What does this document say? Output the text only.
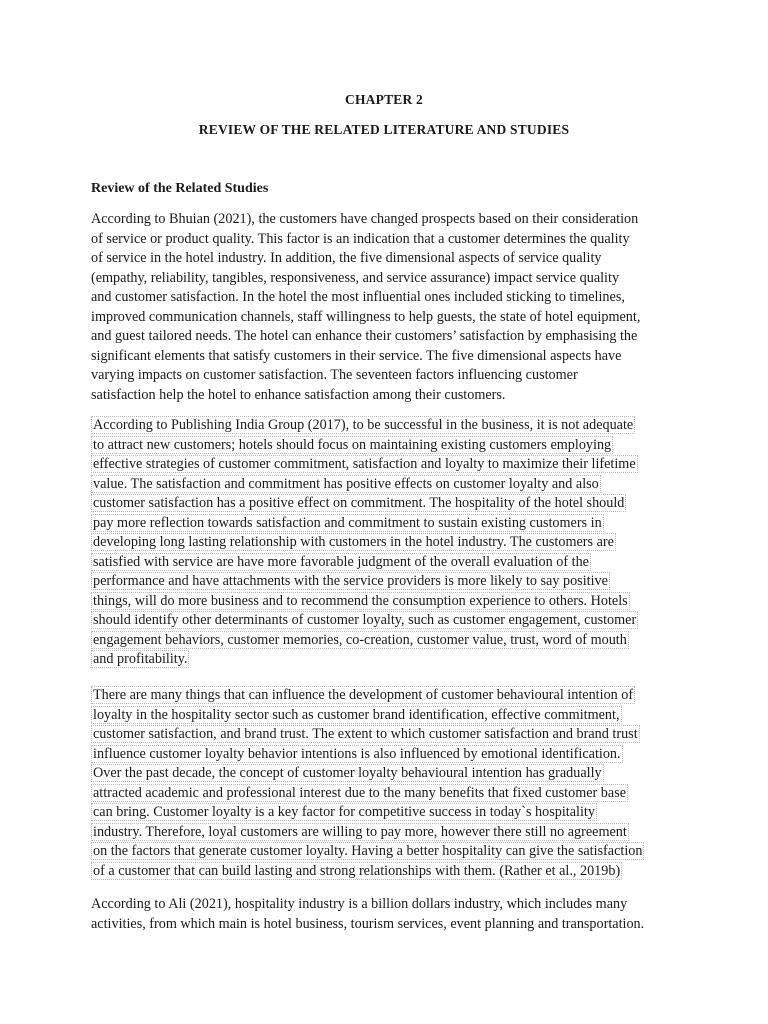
CHAPTER 2
REVIEW OF THE RELATED LITERATURE AND STUDIES
Review of the Related Studies
According to Bhuian (2021), the customers have changed prospects based on their consideration
of service or product quality. This factor is an indication that a customer determines the quality
of service in the hotel industry. In addition, the five dimensional aspects of service quality
(empathy, reliability, tangibles, responsiveness, and service assurance) impact service quality
and customer satisfaction. In the hotel the most influential ones included sticking to timelines,
improved communication channels, staff willingness to help guests, the state of hotel equipment,
and guest tailored needs. The hotel can enhance their customers’ satisfaction by emphasising the
significant elements that satisfy customers in their service. The five dimensional aspects have
varying impacts on customer satisfaction. The seventeen factors influencing customer
satisfaction help the hotel to enhance satisfaction among their customers.
According to Publishing India Group (2017), to be successful in the business, it is not adequate
to attract new customers; hotels should focus on maintaining existing customers employing
effective strategies of customer commitment, satisfaction and loyalty to maximize their lifetime
value. The satisfaction and commitment has positive effects on customer loyalty and also
customer satisfaction has a positive effect on commitment. The hospitality of the hotel should
pay more reflection towards satisfaction and commitment to sustain existing customers in
developing long lasting relationship with customers in the hotel industry. The customers are
satisfied with service are have more favorable judgment of the overall evaluation of the
performance and have attachments with the service providers is more likely to say positive
things, will do more business and to recommend the consumption experience to others. Hotels
should identify other determinants of customer loyalty, such as customer engagement, customer
engagement behaviors, customer memories, co-creation, customer value, trust, word of mouth
and profitability.
There are many things that can influence the development of customer behavioural intention of
loyalty in the hospitality sector such as customer brand identification, effective commitment,
customer satisfaction, and brand trust. The extent to which customer satisfaction and brand trust
influence customer loyalty behavior intentions is also influenced by emotional identification.
Over the past decade, the concept of customer loyalty behavioural intention has gradually
attracted academic and professional interest due to the many benefits that fixed customer base
can bring. Customer loyalty is a key factor for competitive success in today`s hospitality
industry. Therefore, loyal customers are willing to pay more, however there still no agreement
on the factors that generate customer loyalty. Having a better hospitality can give the satisfaction
of a customer that can build lasting and strong relationships with them. (Rather et al., 2019b)
According to Ali (2021), hospitality industry is a billion dollars industry, which includes many
activities, from which main is hotel business, tourism services, event planning and transportation.
